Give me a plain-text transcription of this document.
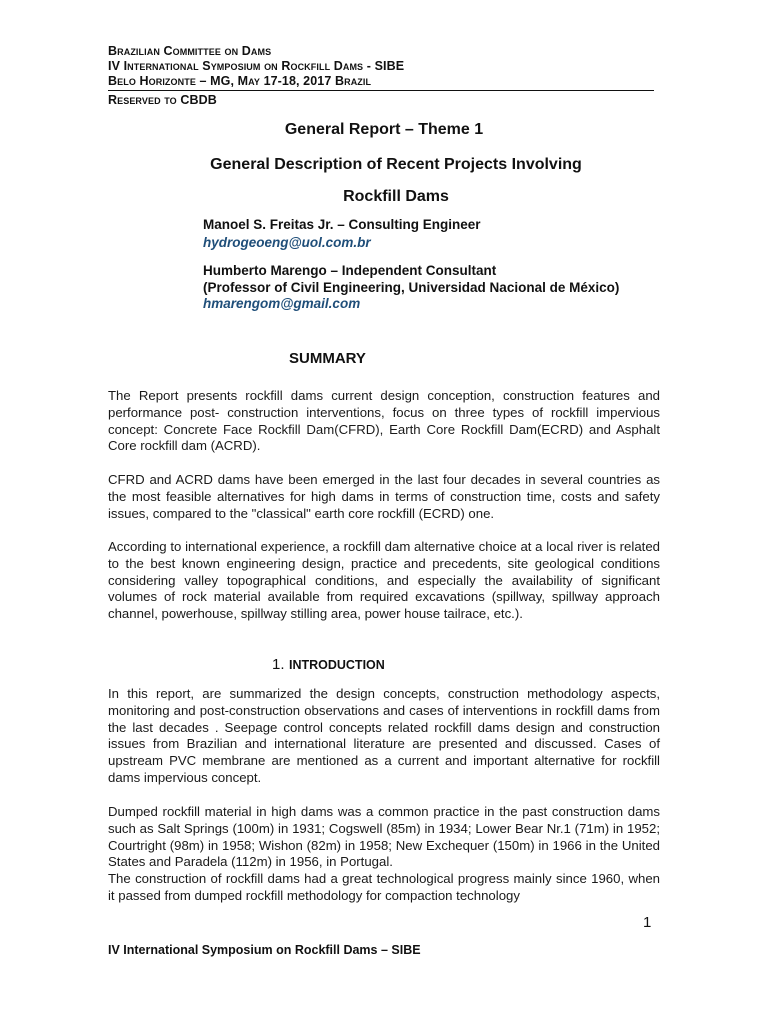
Brazilian Committee on Dams
IV International Symposium on Rockfill Dams - SIBE
Belo Horizonte – MG, May 17-18, 2017 Brazil
Reserved to CBDB
General Report – Theme 1
General Description of Recent Projects Involving
Rockfill Dams
Manoel S. Freitas Jr. – Consulting Engineer
hydrogeoeng@uol.com.br
Humberto Marengo – Independent Consultant
(Professor of Civil Engineering, Universidad Nacional de México)
hmarengom@gmail.com
SUMMARY
The Report presents rockfill dams current design conception, construction features and performance post- construction interventions, focus on three types of rockfill impervious concept: Concrete Face Rockfill Dam(CFRD), Earth Core Rockfill Dam(ECRD) and Asphalt Core rockfill dam (ACRD).
CFRD and ACRD dams have been emerged in the last four decades in several countries as the most feasible alternatives for high dams in terms of construction time, costs and safety issues, compared to the "classical" earth core rockfill (ECRD) one.
According to international experience, a rockfill dam alternative choice at a local river is related to the best known engineering design, practice and precedents, site geological conditions considering valley topographical conditions, and especially the availability of significant volumes of rock material available from required excavations (spillway, spillway approach channel, powerhouse, spillway stilling area, power house tailrace, etc.).
1. INTRODUCTION
In this report, are summarized the design concepts, construction methodology aspects, monitoring and post-construction observations and cases of interventions in rockfill dams from the last decades . Seepage control concepts related rockfill dams design and construction issues from Brazilian and international literature are presented and discussed. Cases of upstream PVC membrane are mentioned as a current and important alternative for rockfill dams impervious concept.
Dumped rockfill material in high dams was a common practice in the past construction dams such as Salt Springs (100m) in 1931; Cogswell (85m) in 1934; Lower Bear Nr.1 (71m) in 1952; Courtright (98m) in 1958; Wishon (82m) in 1958; New Exchequer (150m) in 1966 in the United States and Paradela (112m) in 1956, in Portugal.
The construction of rockfill dams had a great technological progress mainly since 1960, when it passed from dumped rockfill methodology for compaction technology
1
IV International Symposium on Rockfill Dams – SIBE
